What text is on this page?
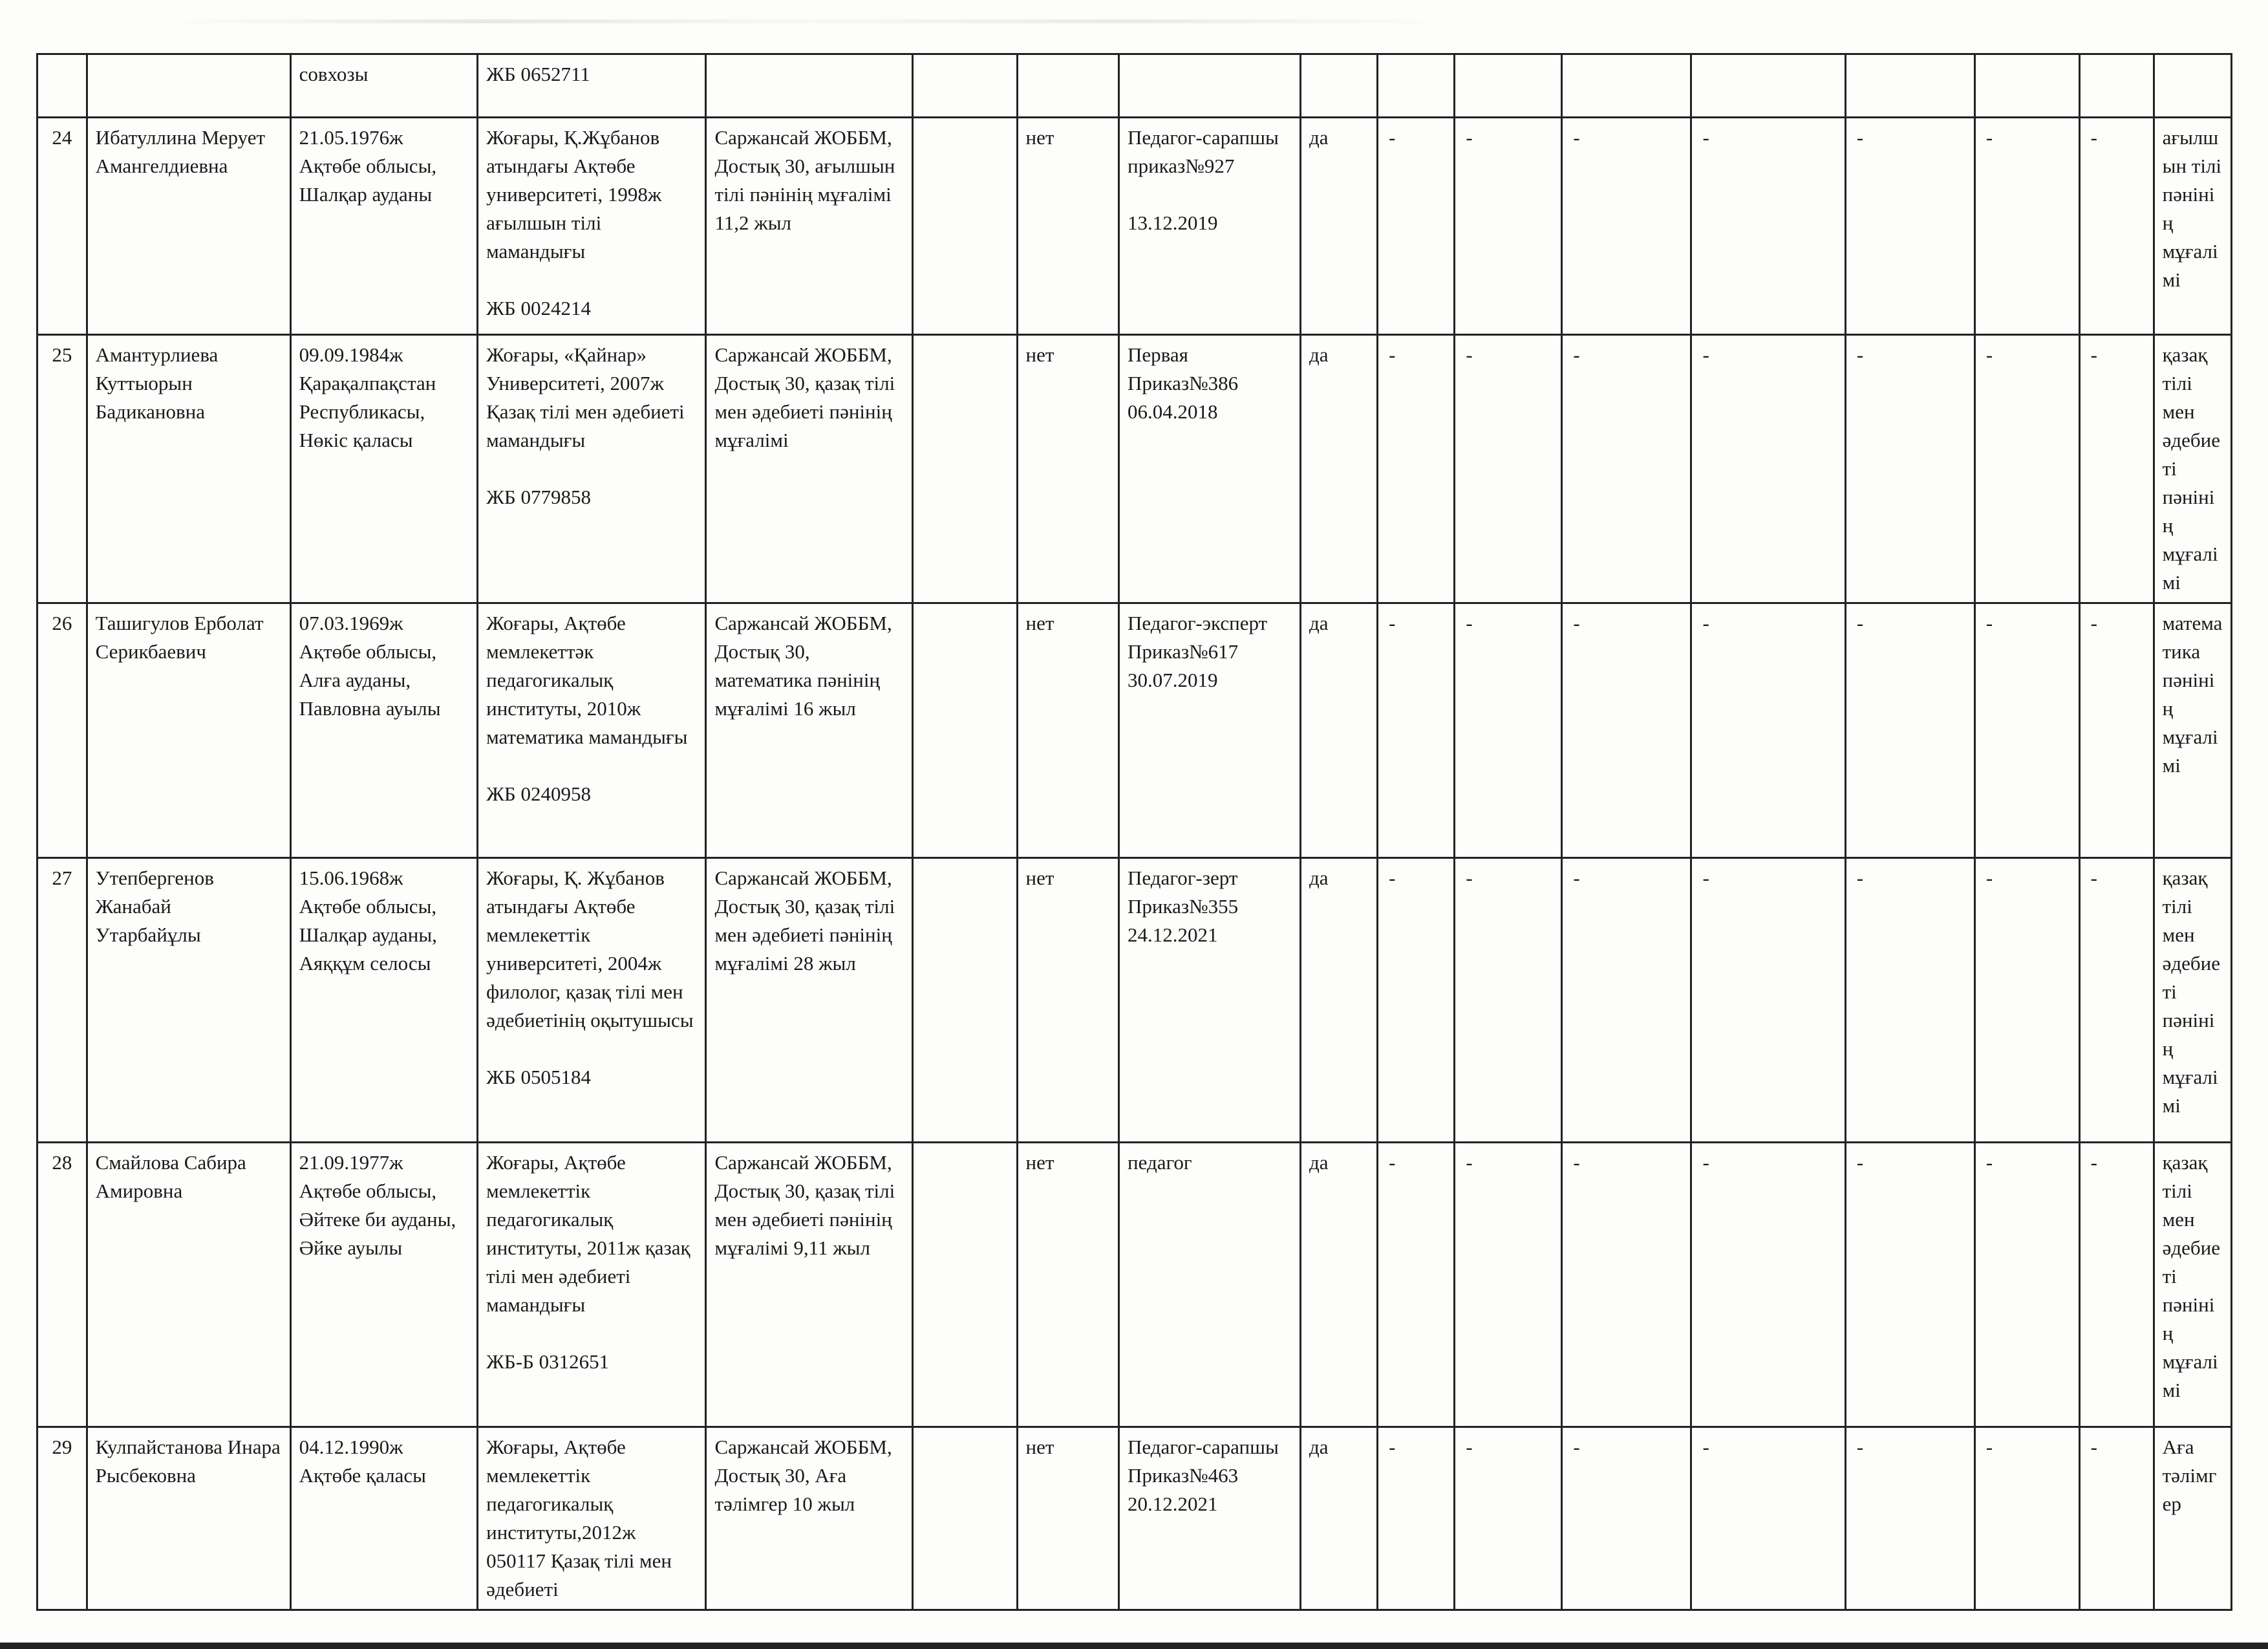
		совхозы	ЖБ 0652711													
24	Ибатуллина Мерует Амангелдиевна	21.05.1976ж Ақтөбе облысы, Шалқар ауданы	Жоғары, Қ.Жұбанов атындағы Ақтөбе университеті, 1998ж ағылшын тілі мамандығы
ЖБ 0024214	Саржансай ЖОББМ, Достық 30, ағылшын тілі пәнінің мұғалімі 11,2 жыл		нет	Педагог-сарапшы приказ№927
13.12.2019	да	-	-	-	-	-	-	-	ағылшын тілі пәнінің мұғалімі
25	Амантурлиева Куттыорын Бадикановна	09.09.1984ж Қарақалпақстан Республикасы, Нөкіс қаласы	Жоғары, «Қайнар» Университеті, 2007ж Қазақ тілі мен әдебиеті мамандығы
ЖБ 0779858	Саржансай ЖОББМ, Достық 30, қазақ тілі мен әдебиеті пәнінің мұғалімі		нет	Первая Приказ№386 06.04.2018	да	-	-	-	-	-	-	-	қазақ тілі мен әдебиеті пәнінің мұғалімі
26	Ташигулов Ерболат Серикбаевич	07.03.1969ж Ақтөбе облысы, Алға ауданы, Павловна ауылы	Жоғары, Ақтөбе мемлекеттәк педагогикалық институты, 2010ж математика мамандығы
ЖБ 0240958	Саржансай ЖОББМ, Достық 30, математика пәнінің мұғалімі 16 жыл		нет	Педагог-эксперт Приказ№617 30.07.2019	да	-	-	-	-	-	-	-	математика пәнінің мұғалімі
27	Утепбергенов Жанабай Утарбайұлы	15.06.1968ж Ақтөбе облысы, Шалқар ауданы, Аяққұм селосы	Жоғары, Қ. Жұбанов атындағы Ақтөбе мемлекеттік университеті, 2004ж филолог, қазақ тілі мен әдебиетінің оқытушысы
ЖБ 0505184	Саржансай ЖОББМ, Достық 30, қазақ тілі мен әдебиеті пәнінің мұғалімі 28 жыл		нет	Педагог-зерт Приказ№355 24.12.2021	да	-	-	-	-	-	-	-	қазақ тілі мен әдебиеті пәнінің мұғалімі
28	Смайлова Сабира Амировна	21.09.1977ж Ақтөбе облысы, Әйтеке би ауданы, Әйке ауылы	Жоғары, Ақтөбе мемлекеттік педагогикалық институты, 2011ж қазақ тілі мен әдебиеті мамандығы
ЖБ-Б 0312651	Саржансай ЖОББМ, Достық 30, қазақ тілі мен әдебиеті пәнінің мұғалімі 9,11 жыл		нет	педагог	да	-	-	-	-	-	-	-	қазақ тілі мен әдебиеті пәнінің мұғалімі
29	Кулпайстанова Инара Рысбековна	04.12.1990ж Ақтөбе қаласы	Жоғары, Ақтөбе мемлекеттік педагогикалық институты,2012ж 050117 Қазақ тілі мен әдебиеті	Саржансай ЖОББМ, Достық 30, Аға тәлімгер 10 жыл		нет	Педагог-сарапшы Приказ№463 20.12.2021	да	-	-	-	-	-	-	-	Аға тәлімгер
